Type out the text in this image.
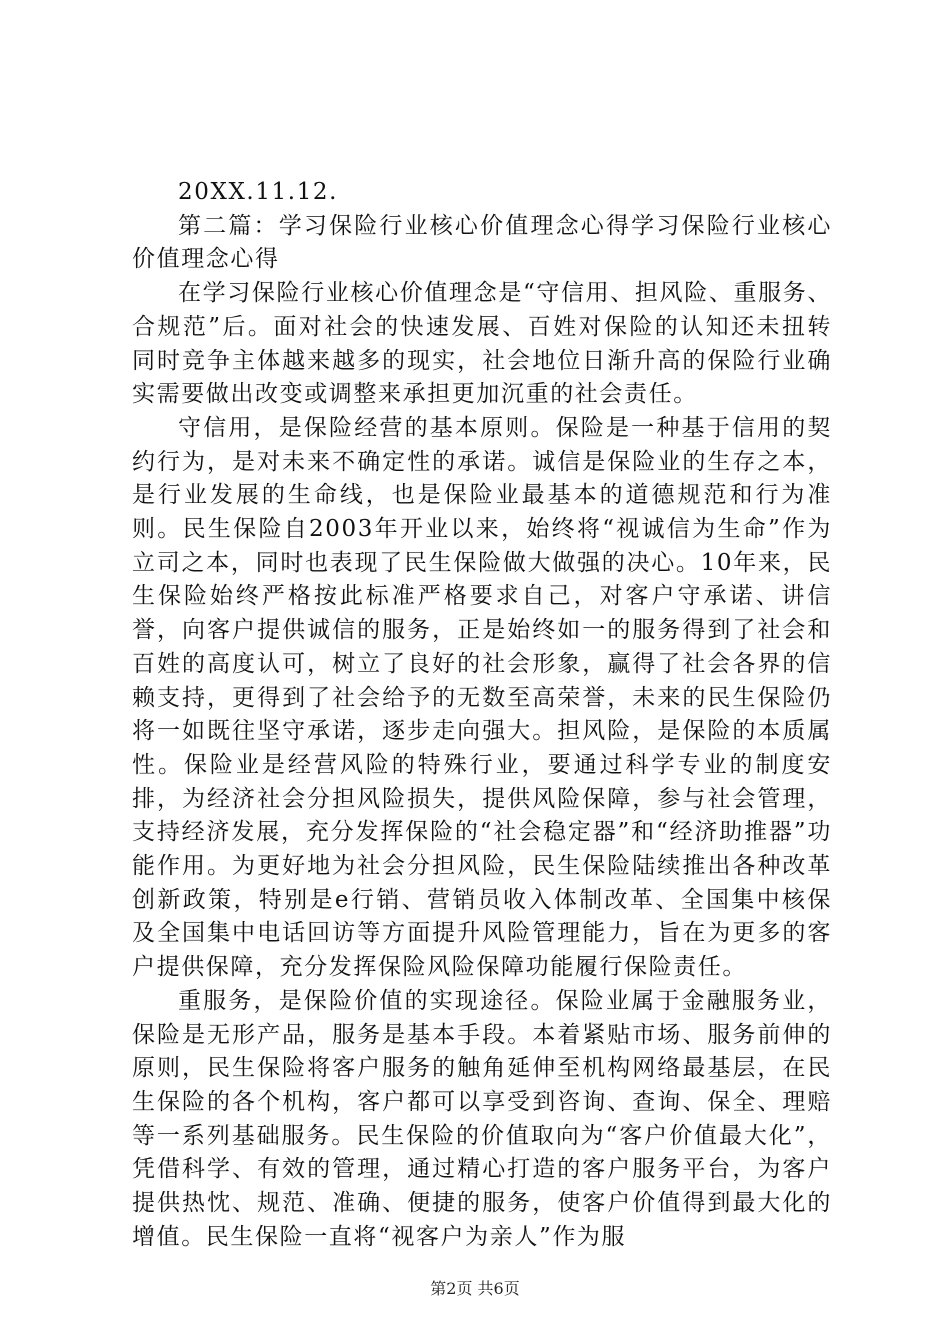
20XX.11.12.

第二篇：学习保险行业核心价值理念心得学习保险行业核心价值理念心得

在学习保险行业核心价值理念是“守信用、担风险、重服务、合规范”后。面对社会的快速发展、百姓对保险的认知还未扭转同时竞争主体越来越多的现实，社会地位日渐升高的保险行业确实需要做出改变或调整来承担更加沉重的社会责任。

守信用，是保险经营的基本原则。保险是一种基于信用的契约行为，是对未来不确定性的承诺。诚信是保险业的生存之本，是行业发展的生命线，也是保险业最基本的道德规范和行为准则。民生保险自2003年开业以来，始终将“视诚信为生命”作为立司之本，同时也表现了民生保险做大做强的决心。10年来，民生保险始终严格按此标准严格要求自己，对客户守承诺、讲信誉，向客户提供诚信的服务，正是始终如一的服务得到了社会和百姓的高度认可，树立了良好的社会形象，赢得了社会各界的信赖支持，更得到了社会给予的无数至高荣誉，未来的民生保险仍将一如既往坚守承诺，逐步走向强大。担风险，是保险的本质属性。保险业是经营风险的特殊行业，要通过科学专业的制度安排，为经济社会分担风险损失，提供风险保障，参与社会管理，支持经济发展，充分发挥保险的“社会稳定器”和“经济助推器”功能作用。为更好地为社会分担风险，民生保险陆续推出各种改革创新政策，特别是e行销、营销员收入体制改革、全国集中核保及全国集中电话回访等方面提升风险管理能力，旨在为更多的客户提供保障，充分发挥保险风险保障功能履行保险责任。

重服务，是保险价值的实现途径。保险业属于金融服务业，保险是无形产品，服务是基本手段。本着紧贴市场、服务前伸的原则，民生保险将客户服务的触角延伸至机构网络最基层，在民生保险的各个机构，客户都可以享受到咨询、查询、保全、理赔等一系列基础服务。民生保险的价值取向为“客户价值最大化”，凭借科学、有效的管理，通过精心打造的客户服务平台，为客户提供热忱、规范、准确、便捷的服务，使客户价值得到最大化的增值。民生保险一直将“视客户为亲人”作为服

第2页 共6页
